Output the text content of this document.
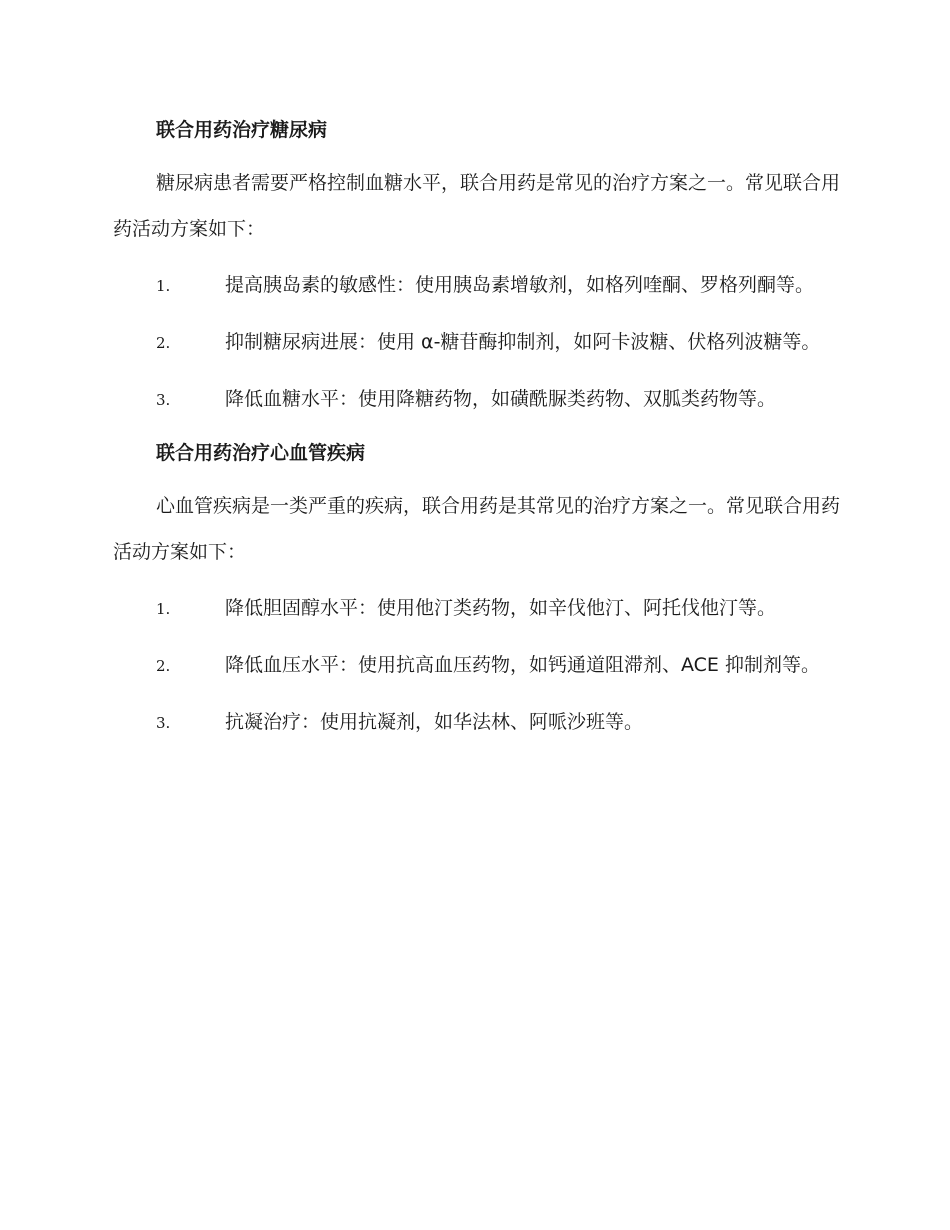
联合用药治疗糖尿病
糖尿病患者需要严格控制血糖水平，联合用药是常见的治疗方案之一。常见联合用药活动方案如下：
1.	提高胰岛素的敏感性：使用胰岛素增敏剂，如格列喹酮、罗格列酮等。
2.	抑制糖尿病进展：使用 α-糖苷酶抑制剂，如阿卡波糖、伏格列波糖等。
3.	降低血糖水平：使用降糖药物，如磺酰脲类药物、双胍类药物等。
联合用药治疗心血管疾病
心血管疾病是一类严重的疾病，联合用药是其常见的治疗方案之一。常见联合用药活动方案如下：
1.	降低胆固醇水平：使用他汀类药物，如辛伐他汀、阿托伐他汀等。
2.	降低血压水平：使用抗高血压药物，如钙通道阻滞剂、ACE 抑制剂等。
3.	抗凝治疗：使用抗凝剂，如华法林、阿哌沙班等。
